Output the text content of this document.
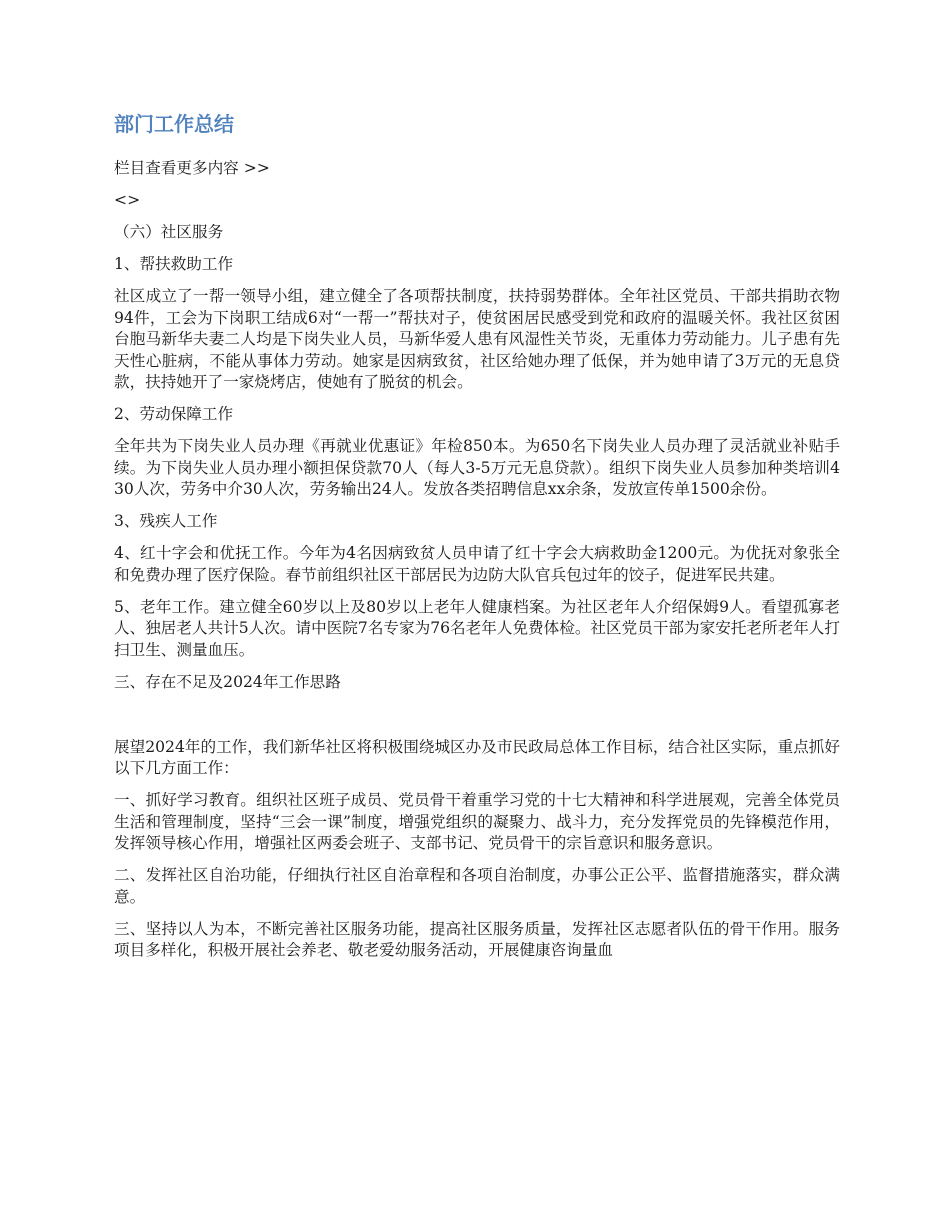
部门工作总结

栏目查看更多内容 >>

<>

（六）社区服务

1、帮扶救助工作

社区成立了一帮一领导小组，建立健全了各项帮扶制度，扶持弱势群体。全年社区党员、干部共捐助衣物94件，工会为下岗职工结成6对“一帮一”帮扶对子，使贫困居民感受到党和政府的温暖关怀。我社区贫困台胞马新华夫妻二人均是下岗失业人员，马新华爱人患有风湿性关节炎，无重体力劳动能力。儿子患有先天性心脏病，不能从事体力劳动。她家是因病致贫，社区给她办理了低保，并为她申请了3万元的无息贷款，扶持她开了一家烧烤店，使她有了脱贫的机会。

2、劳动保障工作

全年共为下岗失业人员办理《再就业优惠证》年检850本。为650名下岗失业人员办理了灵活就业补贴手续。为下岗失业人员办理小额担保贷款70人（每人3-5万元无息贷款）。组织下岗失业人员参加种类培训430人次，劳务中介30人次，劳务输出24人。发放各类招聘信息xx余条，发放宣传单1500余份。

3、残疾人工作

4、红十字会和优抚工作。今年为4名因病致贫人员申请了红十字会大病救助金1200元。为优抚对象张全和免费办理了医疗保险。春节前组织社区干部居民为边防大队官兵包过年的饺子，促进军民共建。

5、老年工作。建立健全60岁以上及80岁以上老年人健康档案。为社区老年人介绍保姆9人。看望孤寡老人、独居老人共计5人次。请中医院7名专家为76名老年人免费体检。社区党员干部为家安托老所老年人打扫卫生、测量血压。

三、存在不足及2024年工作思路

展望2024年的工作，我们新华社区将积极围绕城区办及市民政局总体工作目标，结合社区实际，重点抓好以下几方面工作：

一、抓好学习教育。组织社区班子成员、党员骨干着重学习党的十七大精神和科学进展观，完善全体党员生活和管理制度，坚持“三会一课”制度，增强党组织的凝聚力、战斗力，充分发挥党员的先锋模范作用，发挥领导核心作用，增强社区两委会班子、支部书记、党员骨干的宗旨意识和服务意识。

二、发挥社区自治功能，仔细执行社区自治章程和各项自治制度，办事公正公平、监督措施落实，群众满意。

三、坚持以人为本，不断完善社区服务功能，提高社区服务质量，发挥社区志愿者队伍的骨干作用。服务项目多样化，积极开展社会养老、敬老爱幼服务活动，开展健康咨询量血
